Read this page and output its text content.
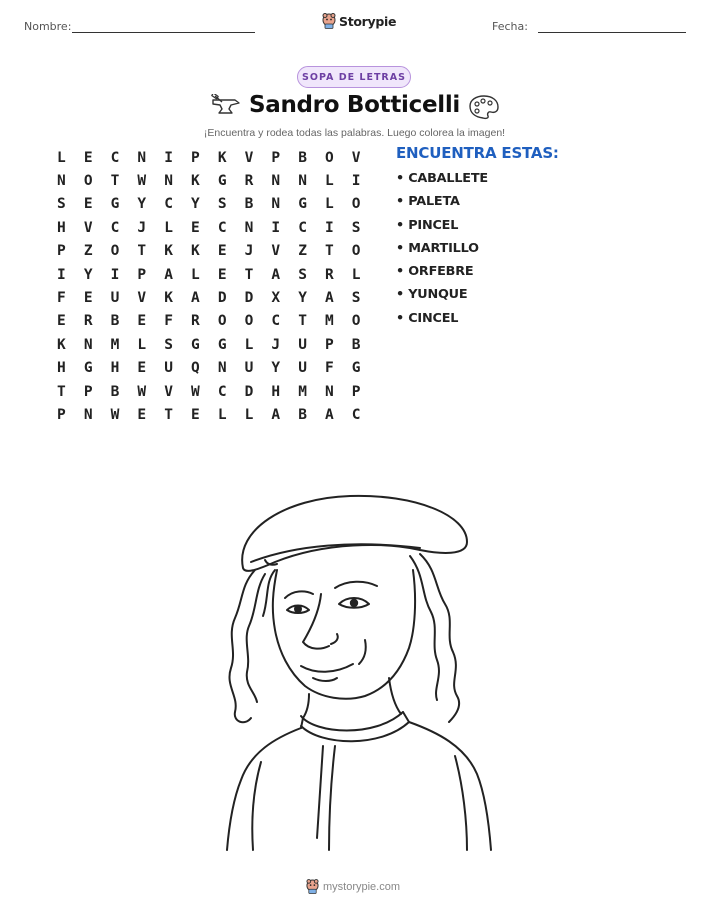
Nombre:	Storypie	Fecha:
SOPA DE LETRAS
Sandro Botticelli
¡Encuentra y rodea todas las palabras. Luego colorea la imagen!
L	E	C	N	I	P	K	V	P	B	O	V
N	O	T	W	N	K	G	R	N	N	L	I
S	E	G	Y	C	Y	S	B	N	G	L	O
H	V	C	J	L	E	C	N	I	C	I	S
P	Z	O	T	K	K	E	J	V	Z	T	O
I	Y	I	P	A	L	E	T	A	S	R	L
F	E	U	V	K	A	D	D	X	Y	A	S
E	R	B	E	F	R	O	O	C	T	M	O
K	N	M	L	S	G	G	L	J	U	P	B
H	G	H	E	U	Q	N	U	Y	U	F	G
T	P	B	W	V	W	C	D	H	M	N	P
P	N	W	E	T	E	L	L	A	B	A	C
ENCUENTRA ESTAS:
• CABALLETE
• PALETA
• PINCEL
• MARTILLO
• ORFEBRE
• YUNQUE
• CINCEL
mystorypie.com
